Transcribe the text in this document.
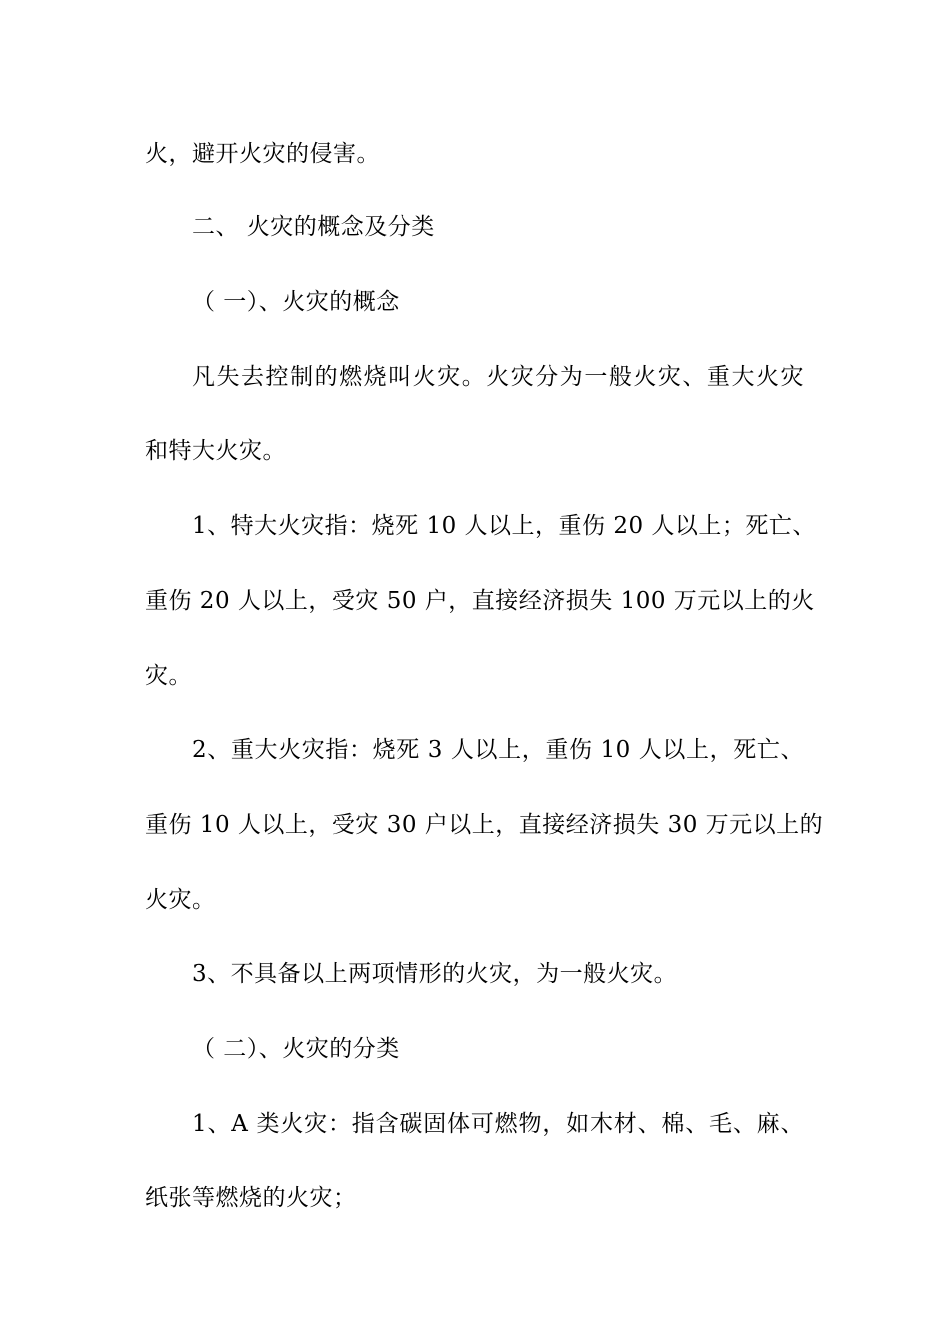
火，避开火灾的侵害。
二、 火灾的概念及分类
（ 一）、火灾的概念
凡失去控制的燃烧叫火灾。火灾分为一般火灾、重大火灾
和特大火灾。
1、特大火灾指：烧死 10 人以上，重伤 20 人以上；死亡、
重伤 20 人以上，受灾 50 户，直接经济损失 100 万元以上的火
灾。
2、重大火灾指：烧死 3 人以上，重伤 10 人以上，死亡、
重伤 10 人以上，受灾 30 户以上，直接经济损失 30 万元以上的
火灾。
3、不具备以上两项情形的火灾，为一般火灾。
（ 二）、火灾的分类
1、A 类火灾：指含碳固体可燃物，如木材、棉、毛、麻、
纸张等燃烧的火灾；
